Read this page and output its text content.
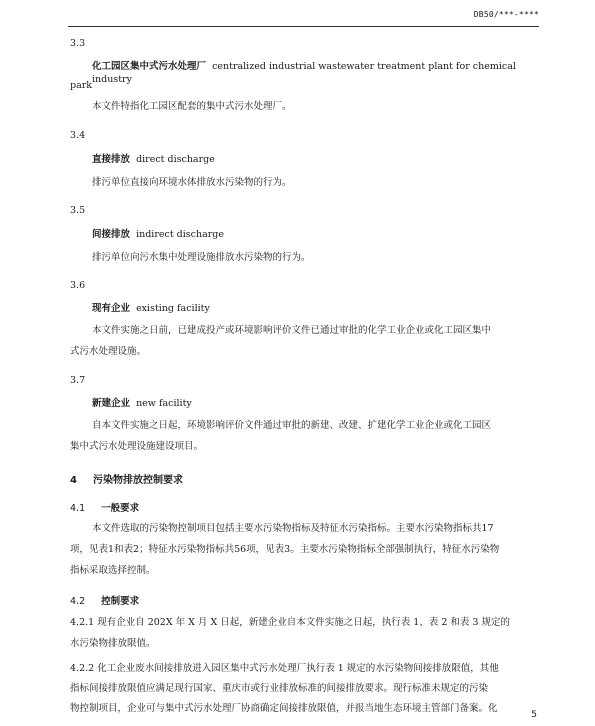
DB50/***-****
3.3
化工园区集中式污水处理厂 centralized industrial wastewater treatment plant for chemical industry
park
本文件特指化工园区配套的集中式污水处理厂。
3.4
直接排放 direct discharge
排污单位直接向环境水体排放水污染物的行为。
3.5
间接排放 indirect discharge
排污单位向污水集中处理设施排放水污染物的行为。
3.6
现有企业 existing facility
本文件实施之日前，已建成投产或环境影响评价文件已通过审批的化学工业企业或化工园区集中
式污水处理设施。
3.7
新建企业 new facility
自本文件实施之日起，环境影响评价文件通过审批的新建、改建、扩建化学工业企业或化工园区
集中式污水处理设施建设项目。
4 污染物排放控制要求
4.1 一般要求
本文件选取的污染物控制项目包括主要水污染物指标及特征水污染指标。主要水污染物指标共17
项，见表1和表2；特征水污染物指标共56项，见表3。主要水污染物指标全部强制执行，特征水污染物
指标采取选择控制。
4.2 控制要求
4.2.1 现有企业自 202X 年 X 月 X 日起，新建企业自本文件实施之日起，执行表 1、表 2 和表 3 规定的
水污染物排放限值。
4.2.2 化工企业废水间接排放进入园区集中式污水处理厂执行表 1 规定的水污染物间接排放限值，其他
指标间接排放限值应满足现行国家、重庆市或行业排放标准的间接排放要求。现行标准未规定的污染
物控制项目，企业可与集中式污水处理厂协商确定间接排放限值，并报当地生态环境主管部门备案。化
5
